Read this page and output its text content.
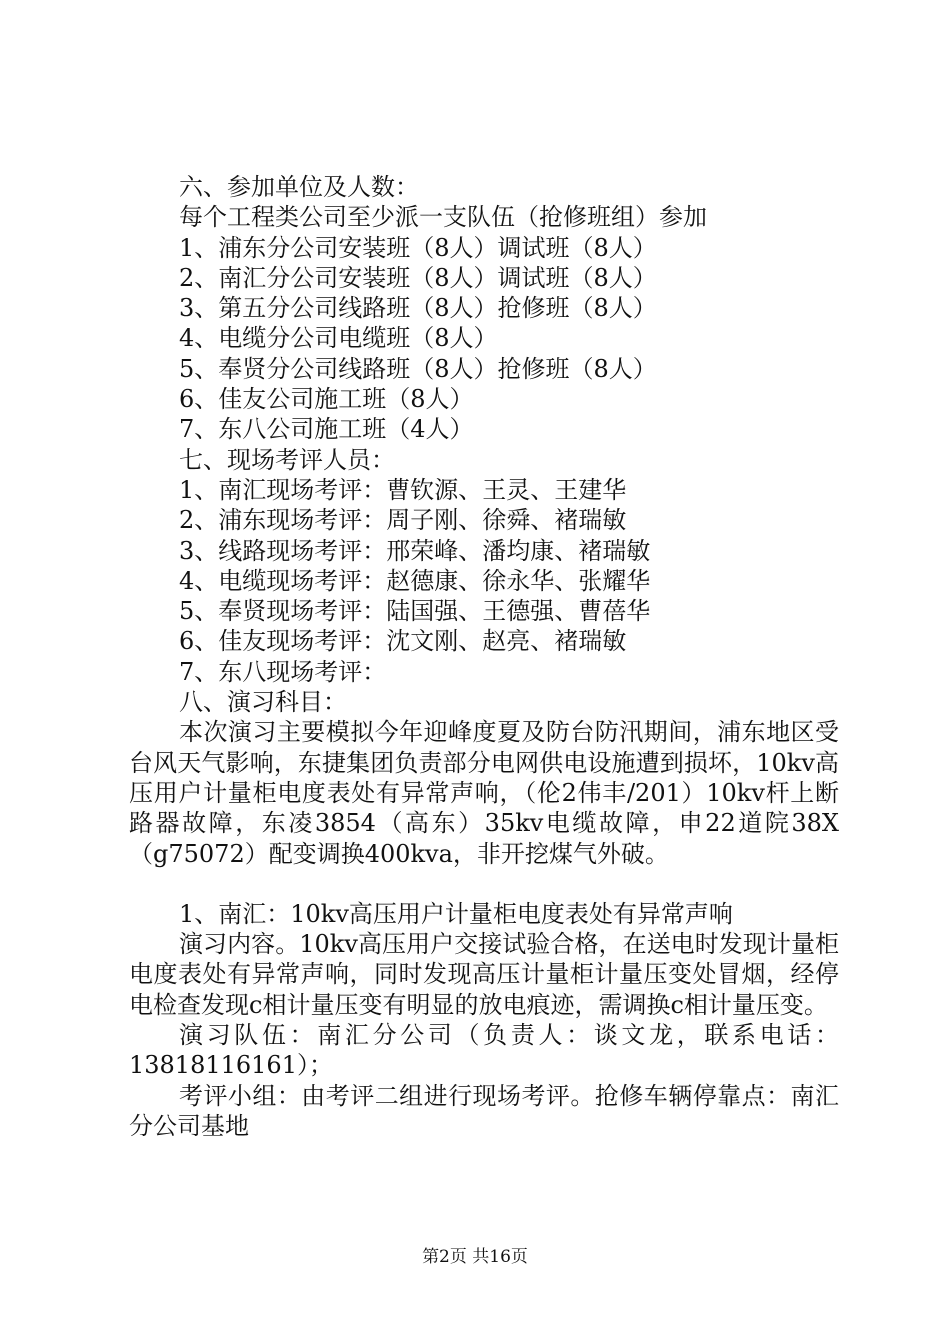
六、参加单位及人数：
每个工程类公司至少派一支队伍（抢修班组）参加
1、浦东分公司安装班（8人）调试班（8人）
2、南汇分公司安装班（8人）调试班（8人）
3、第五分公司线路班（8人）抢修班（8人）
4、电缆分公司电缆班（8人）
5、奉贤分公司线路班（8人）抢修班（8人）
6、佳友公司施工班（8人）
7、东八公司施工班（4人）
七、现场考评人员：
1、南汇现场考评：曹钦源、王灵、王建华
2、浦东现场考评：周子刚、徐舜、褚瑞敏
3、线路现场考评：邢荣峰、潘均康、褚瑞敏
4、电缆现场考评：赵德康、徐永华、张耀华
5、奉贤现场考评：陆国强、王德强、曹蓓华
6、佳友现场考评：沈文刚、赵亮、褚瑞敏
7、东八现场考评：
八、演习科目：
本次演习主要模拟今年迎峰度夏及防台防汛期间，浦东地区受台风天气影响，东捷集团负责部分电网供电设施遭到损坏，10kv高压用户计量柜电度表处有异常声响，（伦2伟丰/201）10kv杆上断路器故障，东凌3854（高东）35kv电缆故障，申22道院38X（g75072）配变调换400kva，非开挖煤气外破。
1、南汇：10kv高压用户计量柜电度表处有异常声响
演习内容。10kv高压用户交接试验合格，在送电时发现计量柜电度表处有异常声响，同时发现高压计量柜计量压变处冒烟，经停电检查发现c相计量压变有明显的放电痕迹，需调换c相计量压变。
演习队伍：南汇分公司（负责人：谈文龙，联系电话：13818116161）；
考评小组：由考评二组进行现场考评。抢修车辆停靠点：南汇分公司基地
第2页 共16页
